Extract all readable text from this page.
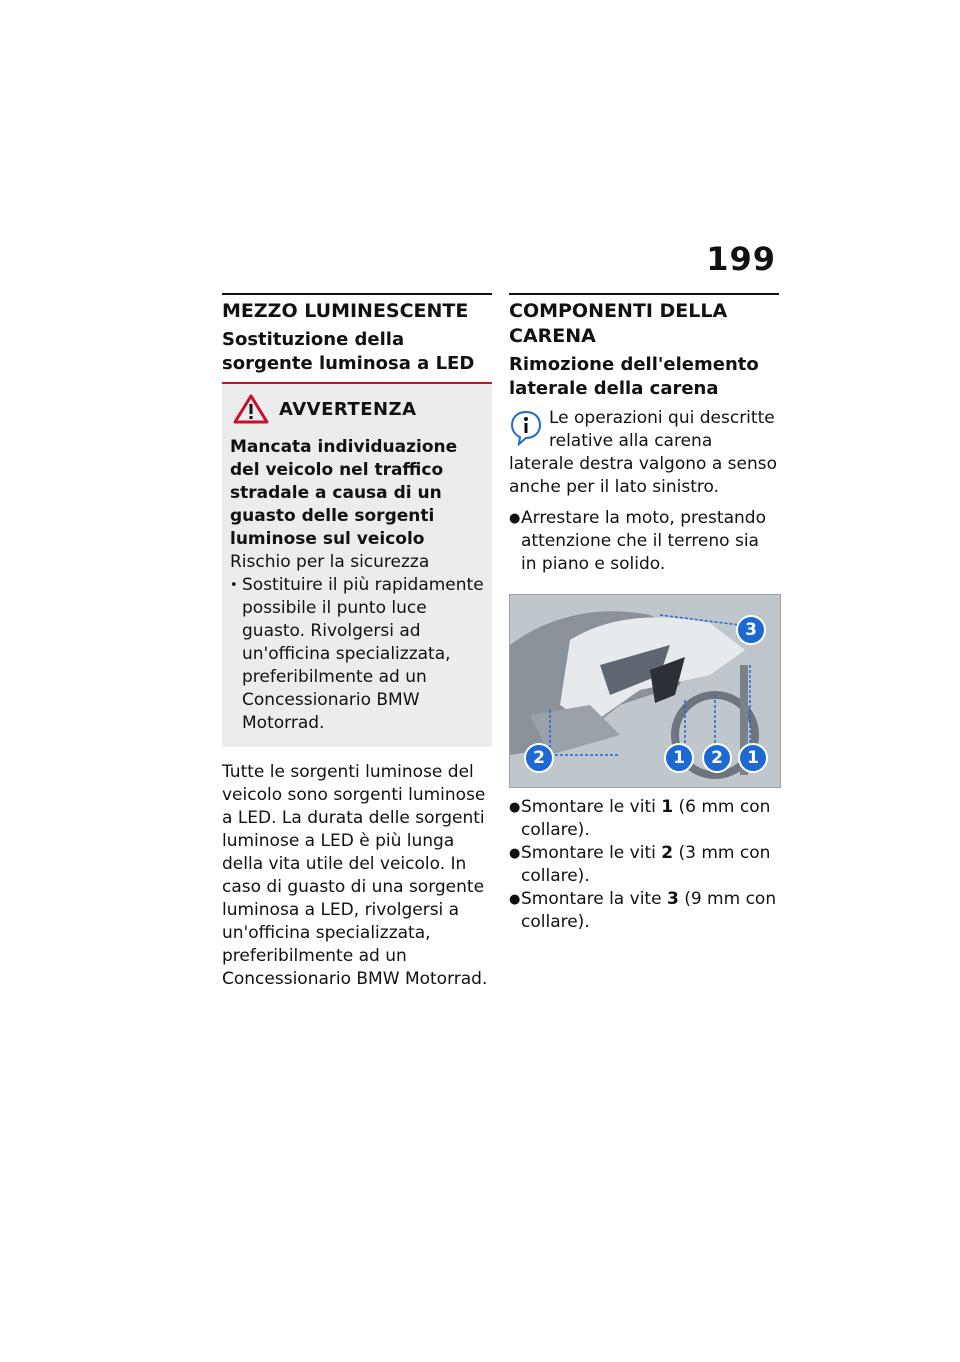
199
MEZZO LUMINESCENTE
Sostituzione della sorgente luminosa a LED
AVVERTENZA

Mancata individuazione del veicolo nel traffico stradale a causa di un guasto delle sorgenti luminose sul veicolo

Rischio per la sicurezza

• Sostituire il più rapidamente possibile il punto luce guasto. Rivolgersi ad un'officina specializzata, preferibilmente ad un Concessionario BMW Motorrad.

Tutte le sorgenti luminose del veicolo sono sorgenti luminose a LED. La durata delle sorgenti luminose a LED è più lunga della vita utile del veicolo. In caso di guasto di una sorgente luminosa a LED, rivolgersi a un'officina specializzata, preferibilmente ad un Concessionario BMW Motorrad.

COMPONENTI DELLA CARENA
Rimozione dell'elemento laterale della carena
Le operazioni qui descritte relative alla carena laterale destra valgono a senso anche per il lato sinistro.
● Arrestare la moto, prestando attenzione che il terreno sia in piano e solido.
3
2	1	2	1
● Smontare le viti 1 (6 mm con collare).
● Smontare le viti 2 (3 mm con collare).
● Smontare la vite 3 (9 mm con collare).
